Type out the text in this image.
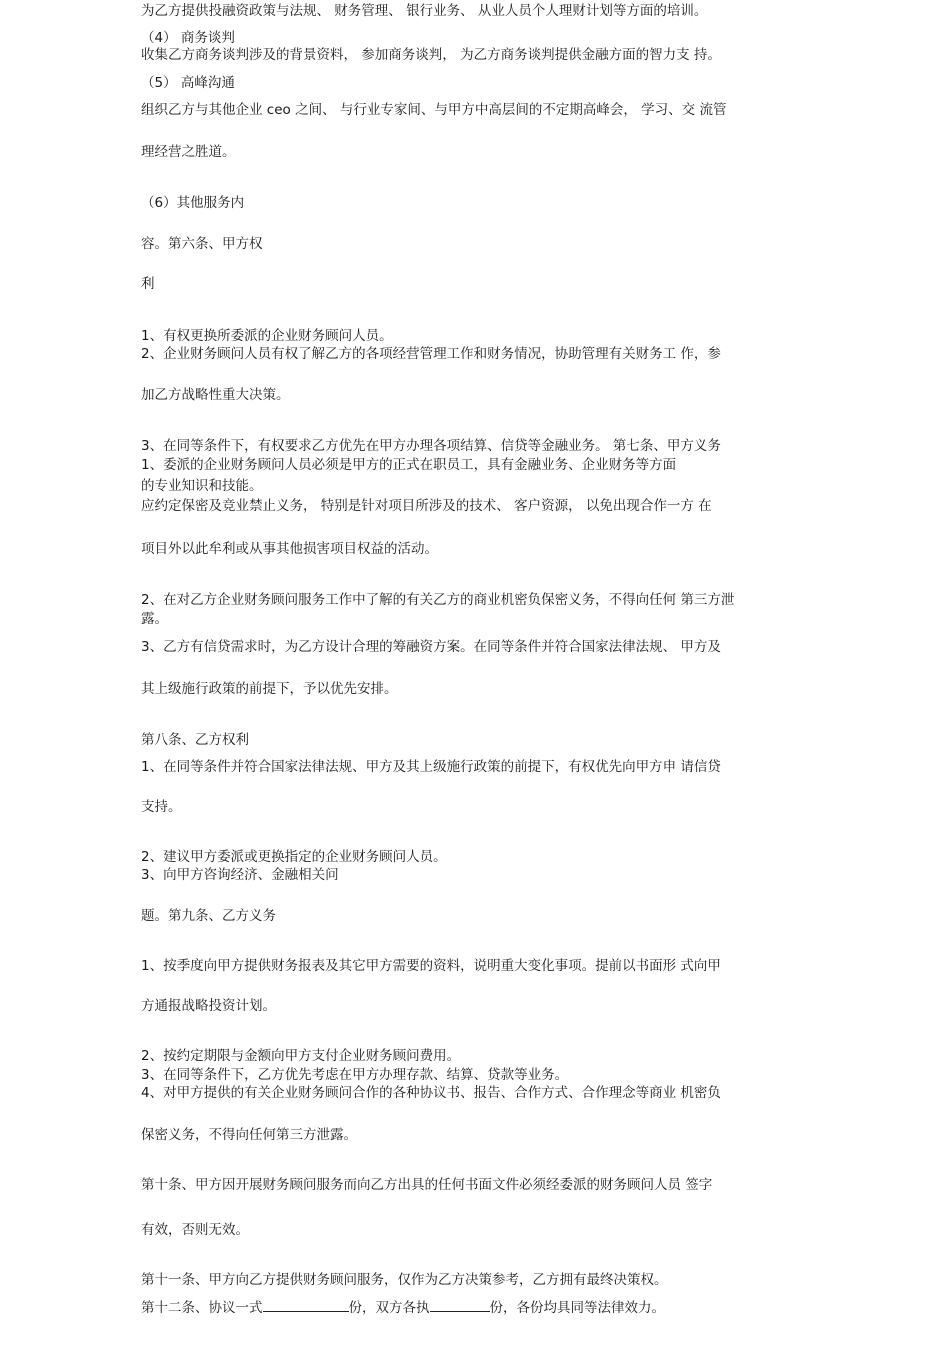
为乙方提供投融资政策与法规、 财务管理、 银行业务、 从业人员个人理财计划等方面的培训。
（4） 商务谈判
收集乙方商务谈判涉及的背景资料， 参加商务谈判， 为乙方商务谈判提供金融方面的智力支 持。
（5） 高峰沟通
组织乙方与其他企业 ceo 之间、 与行业专家间、与甲方中高层间的不定期高峰会， 学习、交 流管
理经营之胜道。
（6）其他服务内
容。第六条、甲方权
利
1、有权更换所委派的企业财务顾问人员。
2、企业财务顾问人员有权了解乙方的各项经营管理工作和财务情况，协助管理有关财务工 作，参
加乙方战略性重大决策。
3、在同等条件下，有权要求乙方优先在甲方办理各项结算、信贷等金融业务。 第七条、甲方义务
1、委派的企业财务顾问人员必须是甲方的正式在职员工，具有金融业务、企业财务等方面
的专业知识和技能。
应约定保密及竞业禁止义务， 特别是针对项目所涉及的技术、 客户资源， 以免出现合作一方 在
项目外以此牟利或从事其他损害项目权益的活动。
2、在对乙方企业财务顾问服务工作中了解的有关乙方的商业机密负保密义务，不得向任何 第三方泄
露。
3、乙方有信贷需求时，为乙方设计合理的筹融资方案。在同等条件并符合国家法律法规、 甲方及
其上级施行政策的前提下，予以优先安排。
第八条、乙方权利
1、在同等条件并符合国家法律法规、甲方及其上级施行政策的前提下，有权优先向甲方申 请信贷
支持。
2、建议甲方委派或更换指定的企业财务顾问人员。
3、向甲方咨询经济、金融相关问
题。第九条、乙方义务
1、按季度向甲方提供财务报表及其它甲方需要的资料，说明重大变化事项。提前以书面形 式向甲
方通报战略投资计划。
2、按约定期限与金额向甲方支付企业财务顾问费用。
3、在同等条件下，乙方优先考虑在甲方办理存款、结算、贷款等业务。
4、对甲方提供的有关企业财务顾问合作的各种协议书、报告、合作方式、合作理念等商业 机密负
保密义务，不得向任何第三方泄露。
第十条、甲方因开展财务顾问服务而向乙方出具的任何书面文件必须经委派的财务顾问人员 签字
有效，否则无效。
第十一条、甲方向乙方提供财务顾问服务，仅作为乙方决策参考，乙方拥有最终决策权。
第十二条、协议一式	份，双方各执	份，各份均具同等法律效力。
